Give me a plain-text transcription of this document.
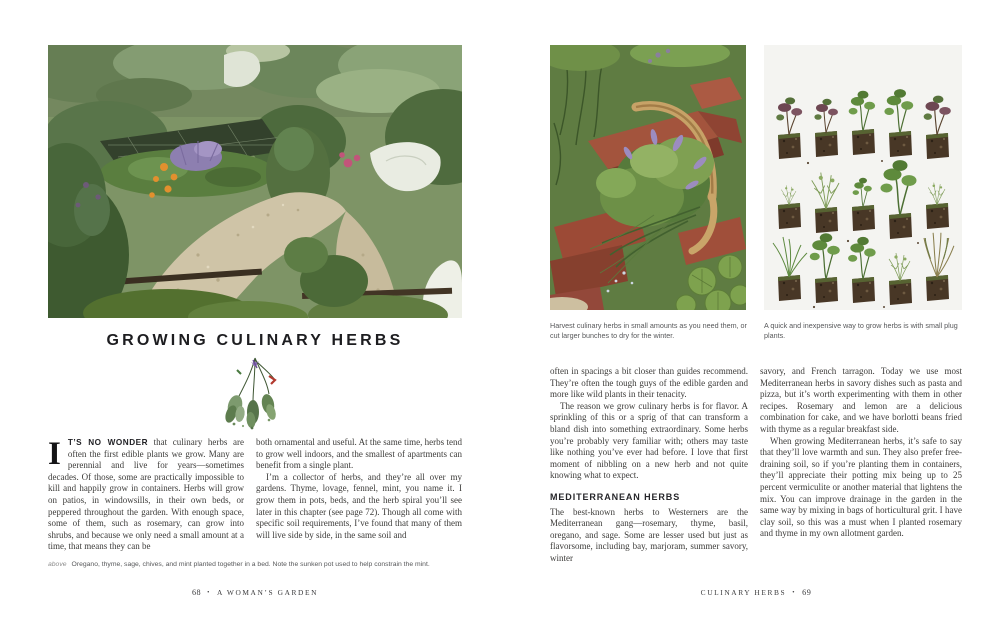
GROWING CULINARY HERBS

I T’S NO WONDER that culinary herbs are often the first edible plants we grow. Many are perennial and live for years—sometimes decades. Of those, some are practically impossible to kill and happily grow in containers. Herbs will grow on patios, in windowsills, in their own beds, or peppered throughout the garden. With enough space, some of them, such as rosemary, can grow into shrubs, and because we only need a small amount at a time, that means they can be

both ornamental and useful. At the same time, herbs tend to grow well indoors, and the smallest of apartments can benefit from a single plant.

I’m a collector of herbs, and they’re all over my gardens. Thyme, lovage, fennel, mint, you name it. I grow them in pots, beds, and the herb spiral you’ll see later in this chapter (see page 72). Though all come with specific soil requirements, I’ve found that many of them will live side by side, in the same soil and

above Oregano, thyme, sage, chives, and mint planted together in a bed. Note the sunken pot used to help constrain the mint.
68 • A WOMAN’S GARDEN
Harvest culinary herbs in small amounts as you need them, or cut larger bunches to dry for the winter.
A quick and inexpensive way to grow herbs is with small plug plants.

often in spacings a bit closer than guides recommend. They’re often the tough guys of the edible garden and more like wild plants in their tenacity.

The reason we grow culinary herbs is for flavor. A sprinkling of this or a sprig of that can transform a bland dish into something extraordinary. Some herbs you’re probably very familiar with; others may taste like nothing you’ve ever had before. I love that first moment of nibbling on a new herb and not quite knowing what to expect.

MEDITERRANEAN HERBS

The best-known herbs to Westerners are the Mediterranean gang—rosemary, thyme, basil, oregano, and sage. Some are lesser used but just as flavorsome, including bay, marjoram, summer savory, winter

savory, and French tarragon. Today we use most Mediterranean herbs in savory dishes such as pasta and pizza, but it’s worth experimenting with them in other recipes. Rosemary and lemon are a delicious combination for cake, and we have borlotti beans fried with thyme as a regular breakfast side.

When growing Mediterranean herbs, it’s safe to say that they’ll love warmth and sun. They also prefer free-draining soil, so if you’re planting them in containers, they’ll appreciate their potting mix being up to 25 percent vermiculite or another material that lightens the mix. You can improve drainage in the garden in the same way by mixing in bags of horticultural grit. I have clay soil, so this was a must when I planted rosemary and thyme in my own allotment garden.

CULINARY HERBS • 69
